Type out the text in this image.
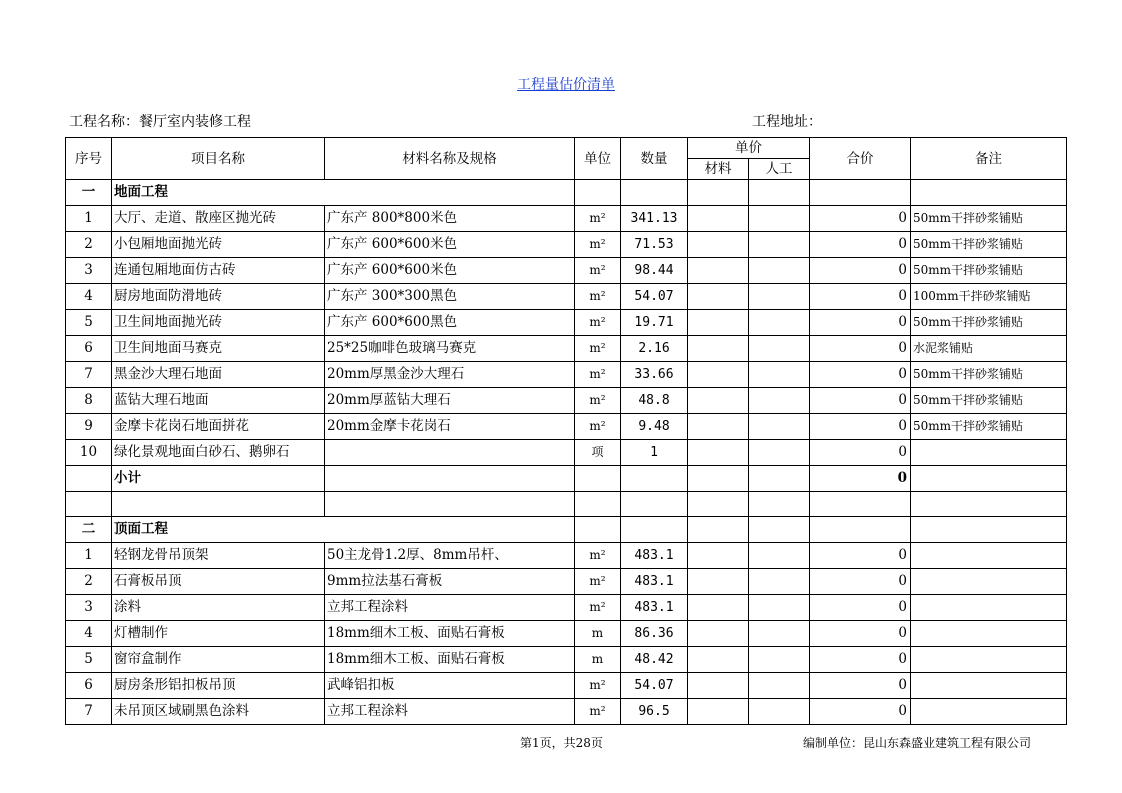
工程量估价清单
工程名称：餐厅室内装修工程	工程地址：
序号	项目名称	材料名称及规格	单位	数量	单价		合价	备注
					材料	人工		
一	地面工程							
1	大厅、走道、散座区抛光砖	广东产 800*800米色	m²	341.13			0	50mm干拌砂浆铺贴
2	小包厢地面抛光砖	广东产 600*600米色	m²	71.53			0	50mm干拌砂浆铺贴
3	连通包厢地面仿古砖	广东产 600*600米色	m²	98.44			0	50mm干拌砂浆铺贴
4	厨房地面防滑地砖	广东产 300*300黑色	m²	54.07			0	100mm干拌砂浆铺贴
5	卫生间地面抛光砖	广东产 600*600黑色	m²	19.71			0	50mm干拌砂浆铺贴
6	卫生间地面马赛克	25*25咖啡色玻璃马赛克	m²	2.16			0	水泥浆铺贴
7	黑金沙大理石地面	20mm厚黑金沙大理石	m²	33.66			0	50mm干拌砂浆铺贴
8	蓝钻大理石地面	20mm厚蓝钻大理石	m²	48.8			0	50mm干拌砂浆铺贴
9	金摩卡花岗石地面拼花	20mm金摩卡花岗石	m²	9.48			0	50mm干拌砂浆铺贴
10	绿化景观地面白砂石、鹅卵石		项	1			0	
	小计						0	

二	顶面工程							
1	轻钢龙骨吊顶架	50主龙骨1.2厚、8mm吊杆、	m²	483.1			0	
2	石膏板吊顶	9mm拉法基石膏板	m²	483.1			0	
3	涂料	立邦工程涂料	m²	483.1			0	
4	灯槽制作	18mm细木工板、面贴石膏板	m	86.36			0	
5	窗帘盒制作	18mm细木工板、面贴石膏板	m	48.42			0	
6	厨房条形铝扣板吊顶	武峰铝扣板	m²	54.07			0	
7	未吊顶区域刷黑色涂料	立邦工程涂料	m²	96.5			0	
第1页，共28页	编制单位：昆山东森盛业建筑工程有限公司
